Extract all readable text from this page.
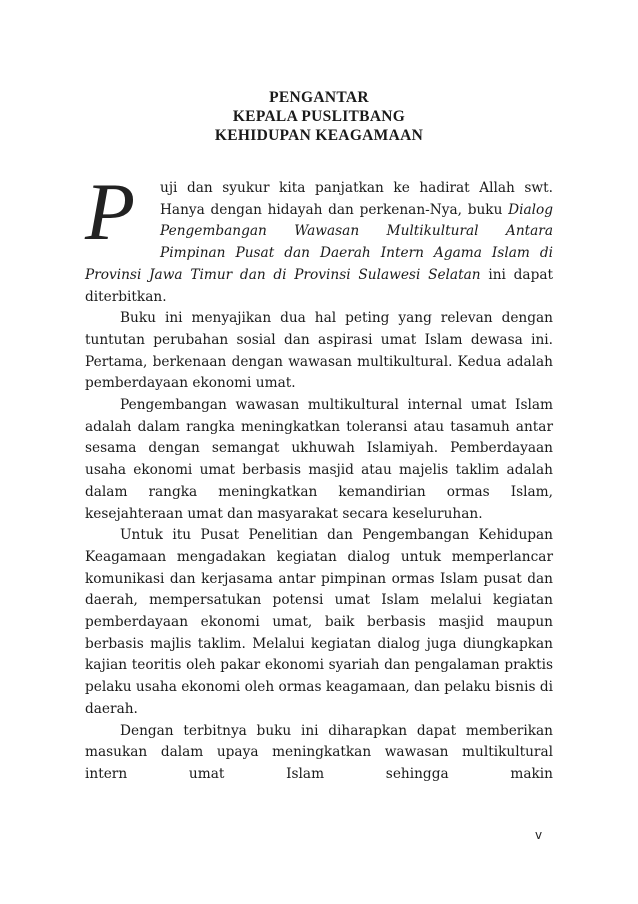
PENGANTAR
KEPALA PUSLITBANG
KEHIDUPAN KEAGAMAAN

P	uji dan syukur kita panjatkan ke hadirat Allah swt. Hanya dengan hidayah dan perkenan-Nya, buku Dialog Pengembangan Wawasan Multikultural Antara Pimpinan Pusat dan Daerah Intern Agama Islam di Provinsi Jawa Timur dan di Provinsi Sulawesi Selatan ini dapat diterbitkan.

Buku ini menyajikan dua hal peting yang relevan dengan tuntutan perubahan sosial dan aspirasi umat Islam dewasa ini. Pertama, berkenaan dengan wawasan multikultural. Kedua adalah pemberdayaan ekonomi umat.

Pengembangan wawasan multikultural internal umat Islam adalah dalam rangka meningkatkan toleransi atau tasamuh antar sesama dengan semangat ukhuwah Islamiyah. Pemberdayaan usaha ekonomi umat berbasis masjid atau majelis taklim adalah dalam rangka meningkatkan kemandirian ormas Islam, kesejahteraan umat dan masyarakat secara keseluruhan.

Untuk itu Pusat Penelitian dan Pengembangan Kehidupan Keagamaan mengadakan kegiatan dialog untuk memperlancar komunikasi dan kerjasama antar pimpinan ormas Islam pusat dan daerah, mempersatukan potensi umat Islam melalui kegiatan pemberdayaan ekonomi umat, baik berbasis masjid maupun berbasis majlis taklim. Melalui kegiatan dialog juga diungkapkan kajian teoritis oleh pakar ekonomi syariah dan pengalaman praktis pelaku usaha ekonomi oleh ormas keagamaan, dan pelaku bisnis di daerah.

Dengan terbitnya buku ini diharapkan dapat memberikan masukan dalam upaya meningkatkan wawasan multikultural intern umat Islam sehingga makin

v
